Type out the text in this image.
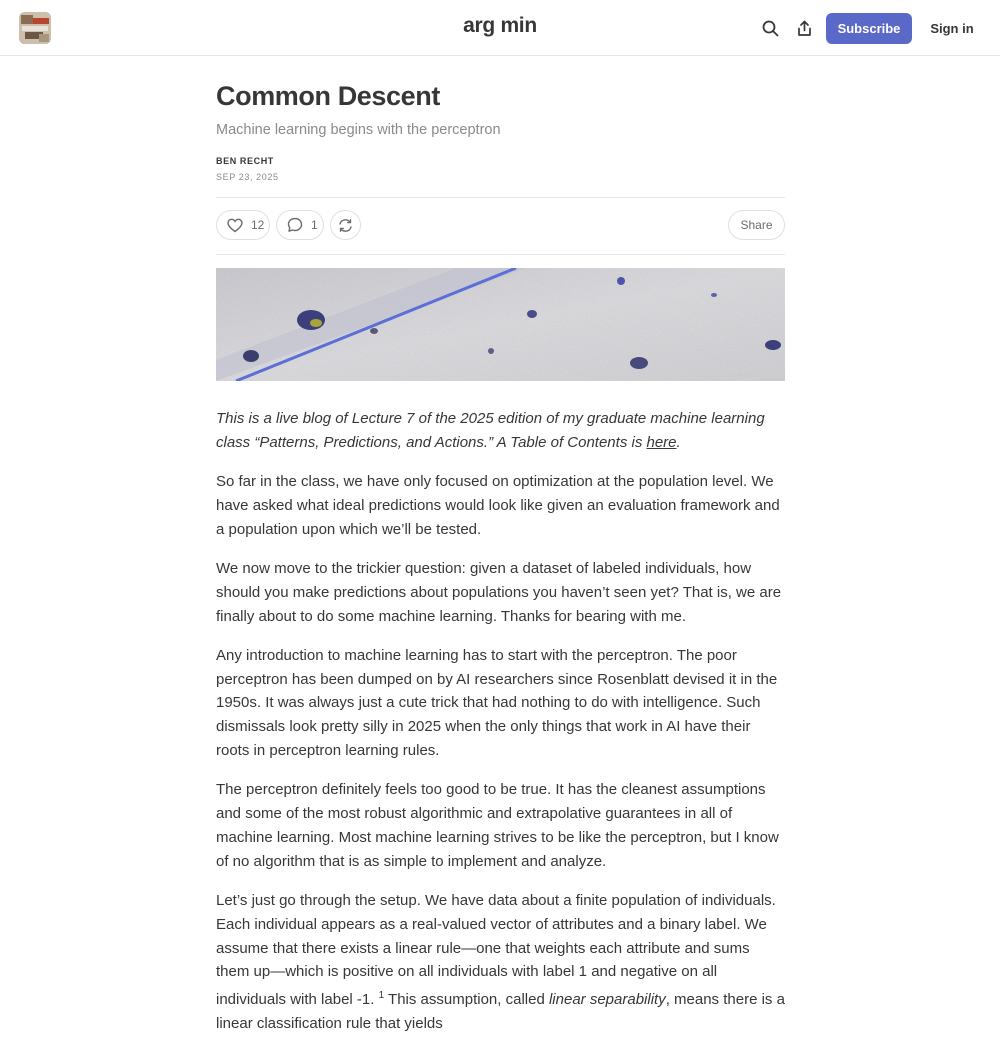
arg min	Subscribe	Sign in
Common Descent
Machine learning begins with the perceptron
BEN RECHT
SEP 23, 2025
12	1	Share

This is a live blog of Lecture 7 of the 2025 edition of my graduate machine learning class “Patterns, Predictions, and Actions.” A Table of Contents is here.

So far in the class, we have only focused on optimization at the population level. We have asked what ideal predictions would look like given an evaluation framework and a population upon which we’ll be tested.

We now move to the trickier question: given a dataset of labeled individuals, how should you make predictions about populations you haven’t seen yet? That is, we are finally about to do some machine learning. Thanks for bearing with me.

Any introduction to machine learning has to start with the perceptron. The poor perceptron has been dumped on by AI researchers since Rosenblatt devised it in the 1950s. It was always just a cute trick that had nothing to do with intelligence. Such dismissals look pretty silly in 2025 when the only things that work in AI have their roots in perceptron learning rules.

The perceptron definitely feels too good to be true. It has the cleanest assumptions and some of the most robust algorithmic and extrapolative guarantees in all of machine learning. Most machine learning strives to be like the perceptron, but I know of no algorithm that is as simple to implement and analyze.

Let’s just go through the setup. We have data about a finite population of individuals. Each individual appears as a real-valued vector of attributes and a binary label. We assume that there exists a linear rule—one that weights each attribute and sums them up—which is positive on all individuals with label 1 and negative on all individuals with label -1. $^1$ This assumption, called linear separability, means there is a linear classification rule that yields
